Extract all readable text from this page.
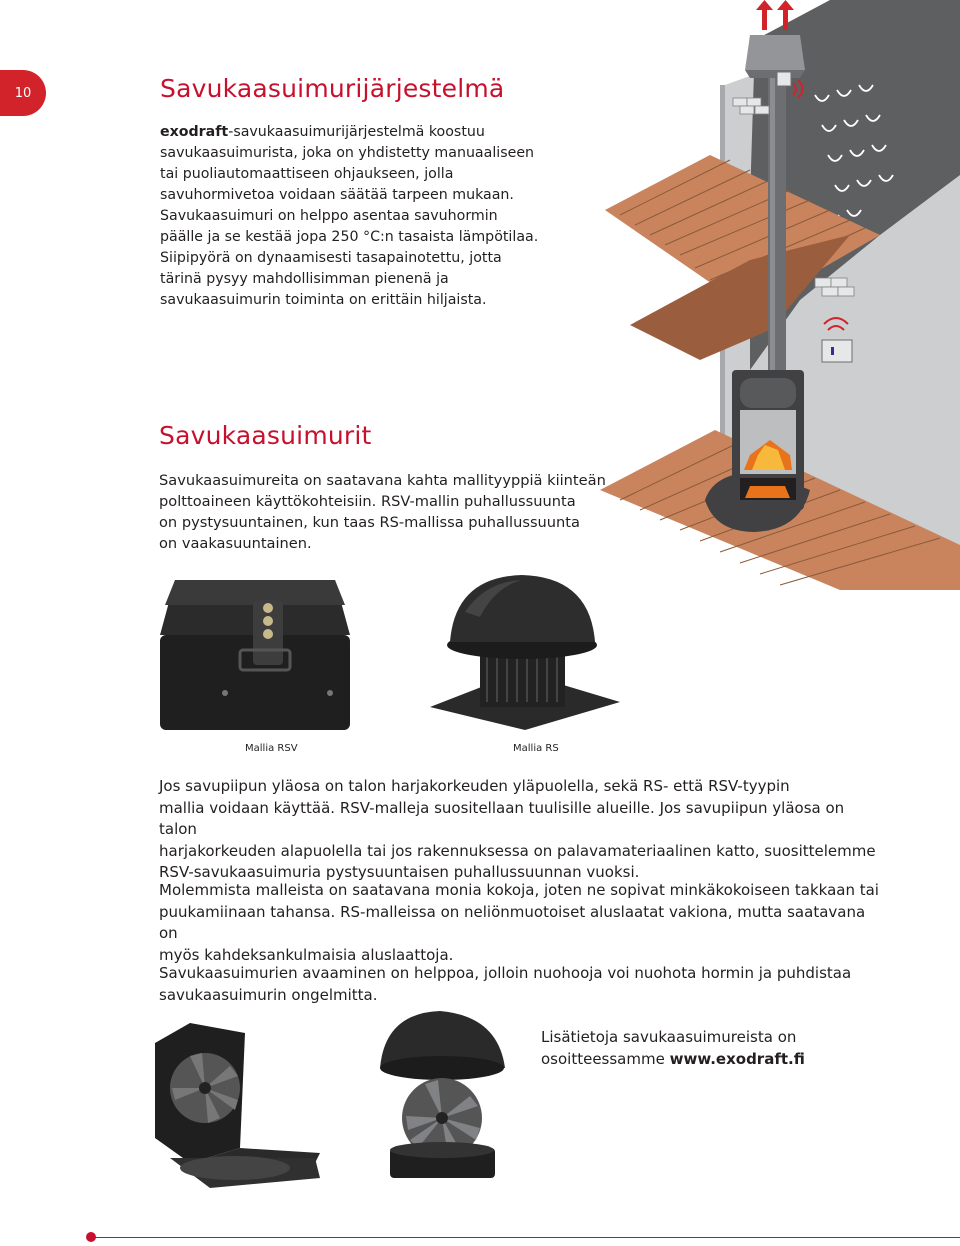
10	Savukaasuimurijärjestelmä
exodraft-savukaasuimurijärjestelmä koostuu
savukaasuimurista, joka on yhdistetty manuaaliseen
tai puoliautomaattiseen ohjaukseen, jolla
savuhormivetoa voidaan säätää tarpeen mukaan.
Savukaasuimuri on helppo asentaa savuhormin
päälle ja se kestää jopa 250 °C:n tasaista lämpötilaa.
Siipipyörä on dynaamisesti tasapainotettu, jotta
tärinä pysyy mahdollisimman pienenä ja
savukaasuimurin toiminta on erittäin hiljaista.
Savukaasuimurit
Savukaasuimureita on saatavana kahta mallityyppiä kiinteän
polttoaineen käyttökohteisiin. RSV-mallin puhallussuunta
on pystysuuntainen, kun taas RS-mallissa puhallussuunta
on vaakasuuntainen.
Mallia RSV	Mallia RS
Jos savupiipun yläosa on talon harjakorkeuden yläpuolella, sekä RS- että RSV-tyypin
mallia voidaan käyttää. RSV-malleja suositellaan tuulisille alueille. Jos savupiipun yläosa on talon
harjakorkeuden alapuolella tai jos rakennuksessa on palavamateriaalinen katto, suosittelemme
RSV-savukaasuimuria pystysuuntaisen puhallussuunnan vuoksi.
Molemmista malleista on saatavana monia kokoja, joten ne sopivat minkäkokoiseen takkaan tai
puukamiinaan tahansa. RS-malleissa on neliönmuotoiset aluslaatat vakiona, mutta saatavana on
myös kahdeksankulmaisia aluslaattoja.
Savukaasuimurien avaaminen on helppoa, jolloin nuohooja voi nuohota hormin ja puhdistaa
savukaasuimurin ongelmitta.
Lisätietoja savukaasuimureista on
osoitteessamme www.exodraft.fi
